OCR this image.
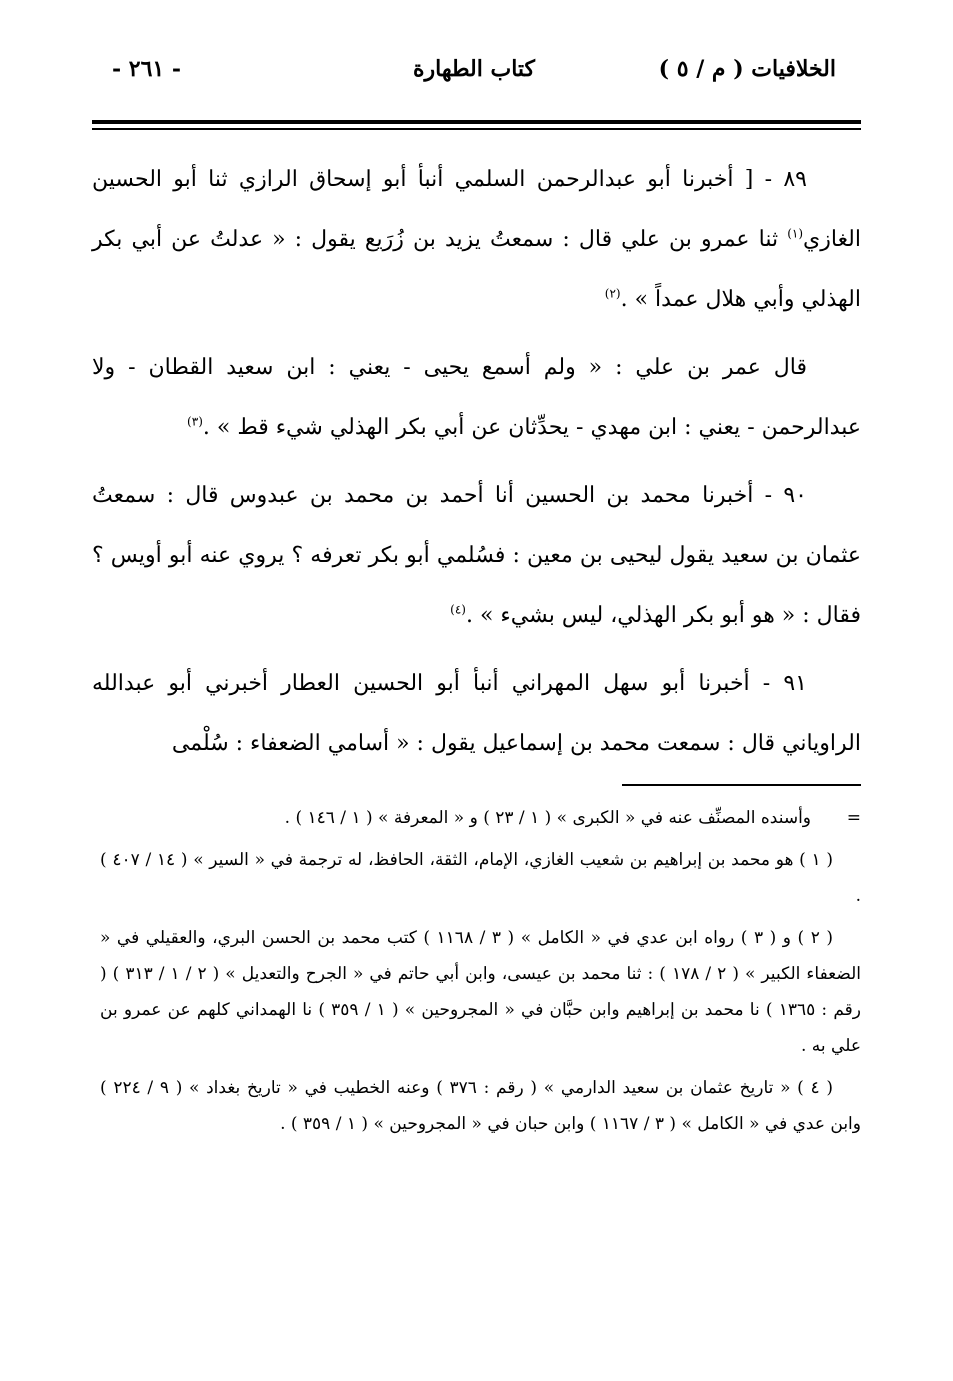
الخلافيات ( م / ٥ )
كتاب الطهارة
- ٢٦١ -

٨٩ - [ أخبرنا أبو عبدالرحمن السلمي أنبأ أبو إسحاق الرازي ثنا أبو الحسين الغازي$^{(١)}$ ثنا عمرو بن علي قال : سمعتُ يزيد بن زُرَيع يقول : « عدلتُ عن أبي بكر الهذلي وأبي هلال عمداً » .$^{(٢)}$

قال عمر بن علي : « ولم أسمع يحيى - يعني : ابن سعيد القطان - ولا عبدالرحمن - يعني : ابن مهدي - يحدِّثان عن أبي بكر الهذلي شيء قط » .$^{(٣)}$

٩٠ - أخبرنا محمد بن الحسين أنا أحمد بن محمد بن عبدوس قال : سمعتُ عثمان بن سعيد يقول ليحيى بن معين : فسُلمي أبو بكر تعرفه ؟ يروي عنه أبو أويس ؟ فقال : « هو أبو بكر الهذلي، ليس بشيء » .$^{(٤)}$

٩١ - أخبرنا أبو سهل المهراني أنبأ أبو الحسين العطار أخبرني أبو عبدالله الراوياني قال : سمعت محمد بن إسماعيل يقول : « أسامي الضعفاء : سُلْمى

=وأسنده المصنِّف عنه في « الكبرى » ( ١ / ٢٣ ) و « المعرفة » ( ١ / ١٤٦ ) .

( ١ ) هو محمد بن إبراهيم بن شعيب الغازي، الإمام، الثقة، الحافظ، له ترجمة في « السير » ( ١٤ / ٤٠٧ ) .

( ٢ ) و ( ٣ ) رواه ابن عدي في « الكامل » ( ٣ / ١١٦٨ ) كتب محمد بن الحسن البري، والعقيلي في « الضعفاء الكبير » ( ٢ / ١٧٨ ) : ثنا محمد بن عيسى، وابن أبي حاتم في « الجرح والتعديل » ( ٢ / ١ / ٣١٣ ) ( رقم : ١٣٦٥ ) نا محمد بن إبراهيم وابن حبَّان في « المجروحين » ( ١ / ٣٥٩ ) نا الهمداني كلهم عن عمرو بن علي به .

( ٤ ) « تاريخ عثمان بن سعيد الدارمي » ( رقم : ٣٧٦ ) وعنه الخطيب في « تاريخ بغداد » ( ٩ / ٢٢٤ ) وابن عدي في « الكامل » ( ٣ / ١١٦٧ ) وابن حبان في « المجروحين » ( ١ / ٣٥٩ ) .
